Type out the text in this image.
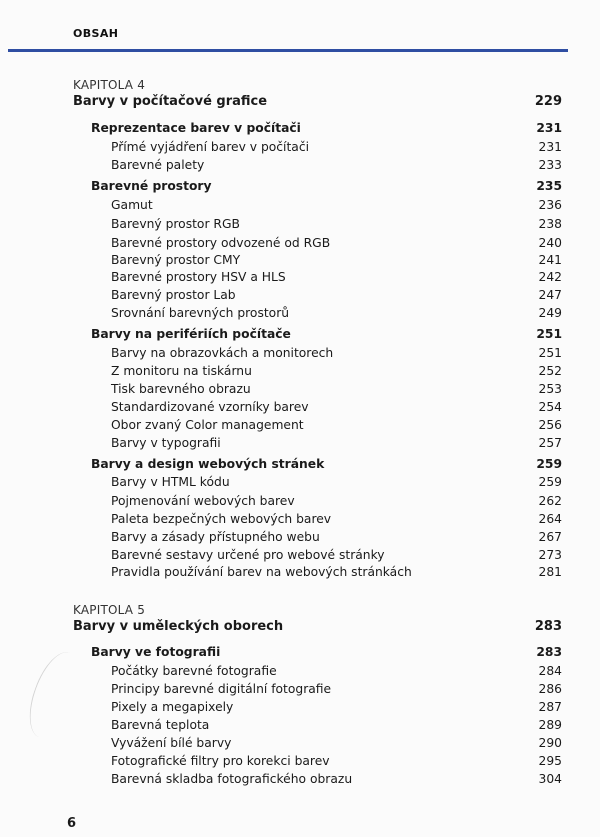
OBSAH
KAPITOLA 4
Barvy v počítačové grafice	229
Reprezentace barev v počítači	231
Přímé vyjádření barev v počítači	231
Barevné palety	233
Barevné prostory	235
Gamut	236
Barevný prostor RGB	238
Barevné prostory odvozené od RGB	240
Barevný prostor CMY	241
Barevné prostory HSV a HLS	242
Barevný prostor Lab	247
Srovnání barevných prostorů	249
Barvy na perifériích počítače	251
Barvy na obrazovkách a monitorech	251
Z monitoru na tiskárnu	252
Tisk barevného obrazu	253
Standardizované vzorníky barev	254
Obor zvaný Color management	256
Barvy v typografii	257
Barvy a design webových stránek	259
Barvy v HTML kódu	259
Pojmenování webových barev	262
Paleta bezpečných webových barev	264
Barvy a zásady přístupného webu	267
Barevné sestavy určené pro webové stránky	273
Pravidla používání barev na webových stránkách	281
KAPITOLA 5
Barvy v uměleckých oborech	283
Barvy ve fotografii	283
Počátky barevné fotografie	284
Principy barevné digitální fotografie	286
Pixely a megapixely	287
Barevná teplota	289
Vyvážení bílé barvy	290
Fotografické filtry pro korekci barev	295
Barevná skladba fotografického obrazu	304
6
